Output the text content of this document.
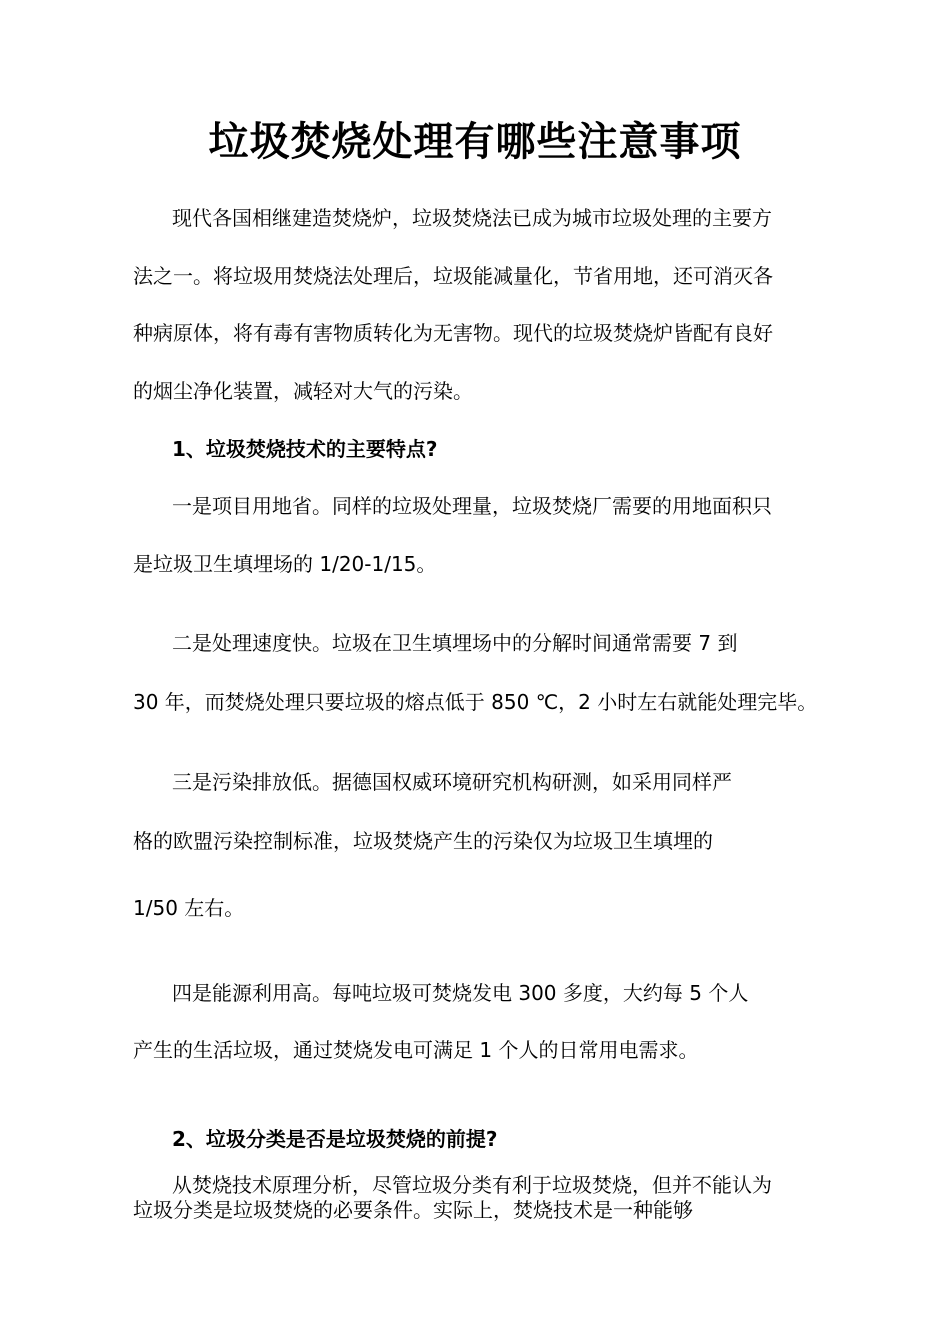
垃圾焚烧处理有哪些注意事项
现代各国相继建造焚烧炉，垃圾焚烧法已成为城市垃圾处理的主要方
法之一。将垃圾用焚烧法处理后，垃圾能减量化，节省用地，还可消灭各
种病原体，将有毒有害物质转化为无害物。现代的垃圾焚烧炉皆配有良好
的烟尘净化装置，减轻对大气的污染。
1、垃圾焚烧技术的主要特点?
一是项目用地省。同样的垃圾处理量，垃圾焚烧厂需要的用地面积只
是垃圾卫生填埋场的 1/20-1/15。
二是处理速度快。垃圾在卫生填埋场中的分解时间通常需要 7 到
30 年，而焚烧处理只要垃圾的熔点低于 850 ℃，2 小时左右就能处理完毕。
三是污染排放低。据德国权威环境研究机构研测，如采用同样严
格的欧盟污染控制标准，垃圾焚烧产生的污染仅为垃圾卫生填埋的
1/50 左右。
四是能源利用高。每吨垃圾可焚烧发电 300 多度，大约每 5 个人
产生的生活垃圾，通过焚烧发电可满足 1 个人的日常用电需求。
2、垃圾分类是否是垃圾焚烧的前提?
从焚烧技术原理分析，尽管垃圾分类有利于垃圾焚烧，但并不能认为
垃圾分类是垃圾焚烧的必要条件。实际上，焚烧技术是一种能够
